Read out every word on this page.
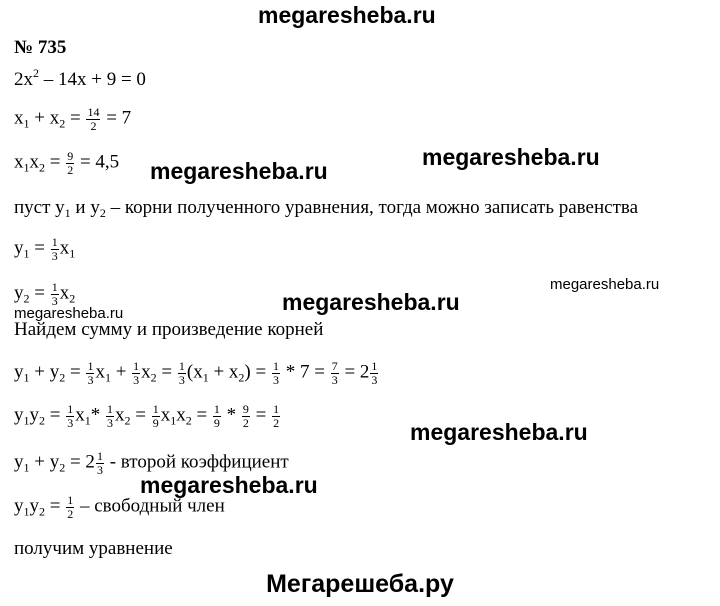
megaresheba.ru
megaresheba.ru
megaresheba.ru
megaresheba.ru
megaresheba.ru
megaresheba.ru
megaresheba.ru
megaresheba.ru
№ 735
$2x^2 - 14x + 9 = 0$
$x_1 + x_2 = \frac{14}{2} = 7$
$x_1x_2 = \frac{9}{2} = 4,5$
пуст $y_1$ и $y_2$ – корни полученного уравнения, тогда можно записать равенства
$y_1 = \frac{1}{3} x_1$
$y_2 = \frac{1}{3} x_2$
Найдем сумму и произведение корней
$y_1 + y_2 = \frac{1}{3} x_1 + \frac{1}{3} x_2 = \frac{1}{3} (x_1 + x_2) = \frac{1}{3} * 7 = \frac{7}{3} = 2 \frac{1}{3}$
$y_1y_2 = \frac{1}{3} x_1* \frac{1}{3} x_2 = \frac{1}{9} x_1x_2 = \frac{1}{9} * \frac{9}{2} = \frac{1}{2}$
$y_1 + y_2 = 2 \frac{1}{3}$ - второй коэффициент
$y_1y_2 = \frac{1}{2}$ – свободный член
получим уравнение
Мегарешеба.ру
